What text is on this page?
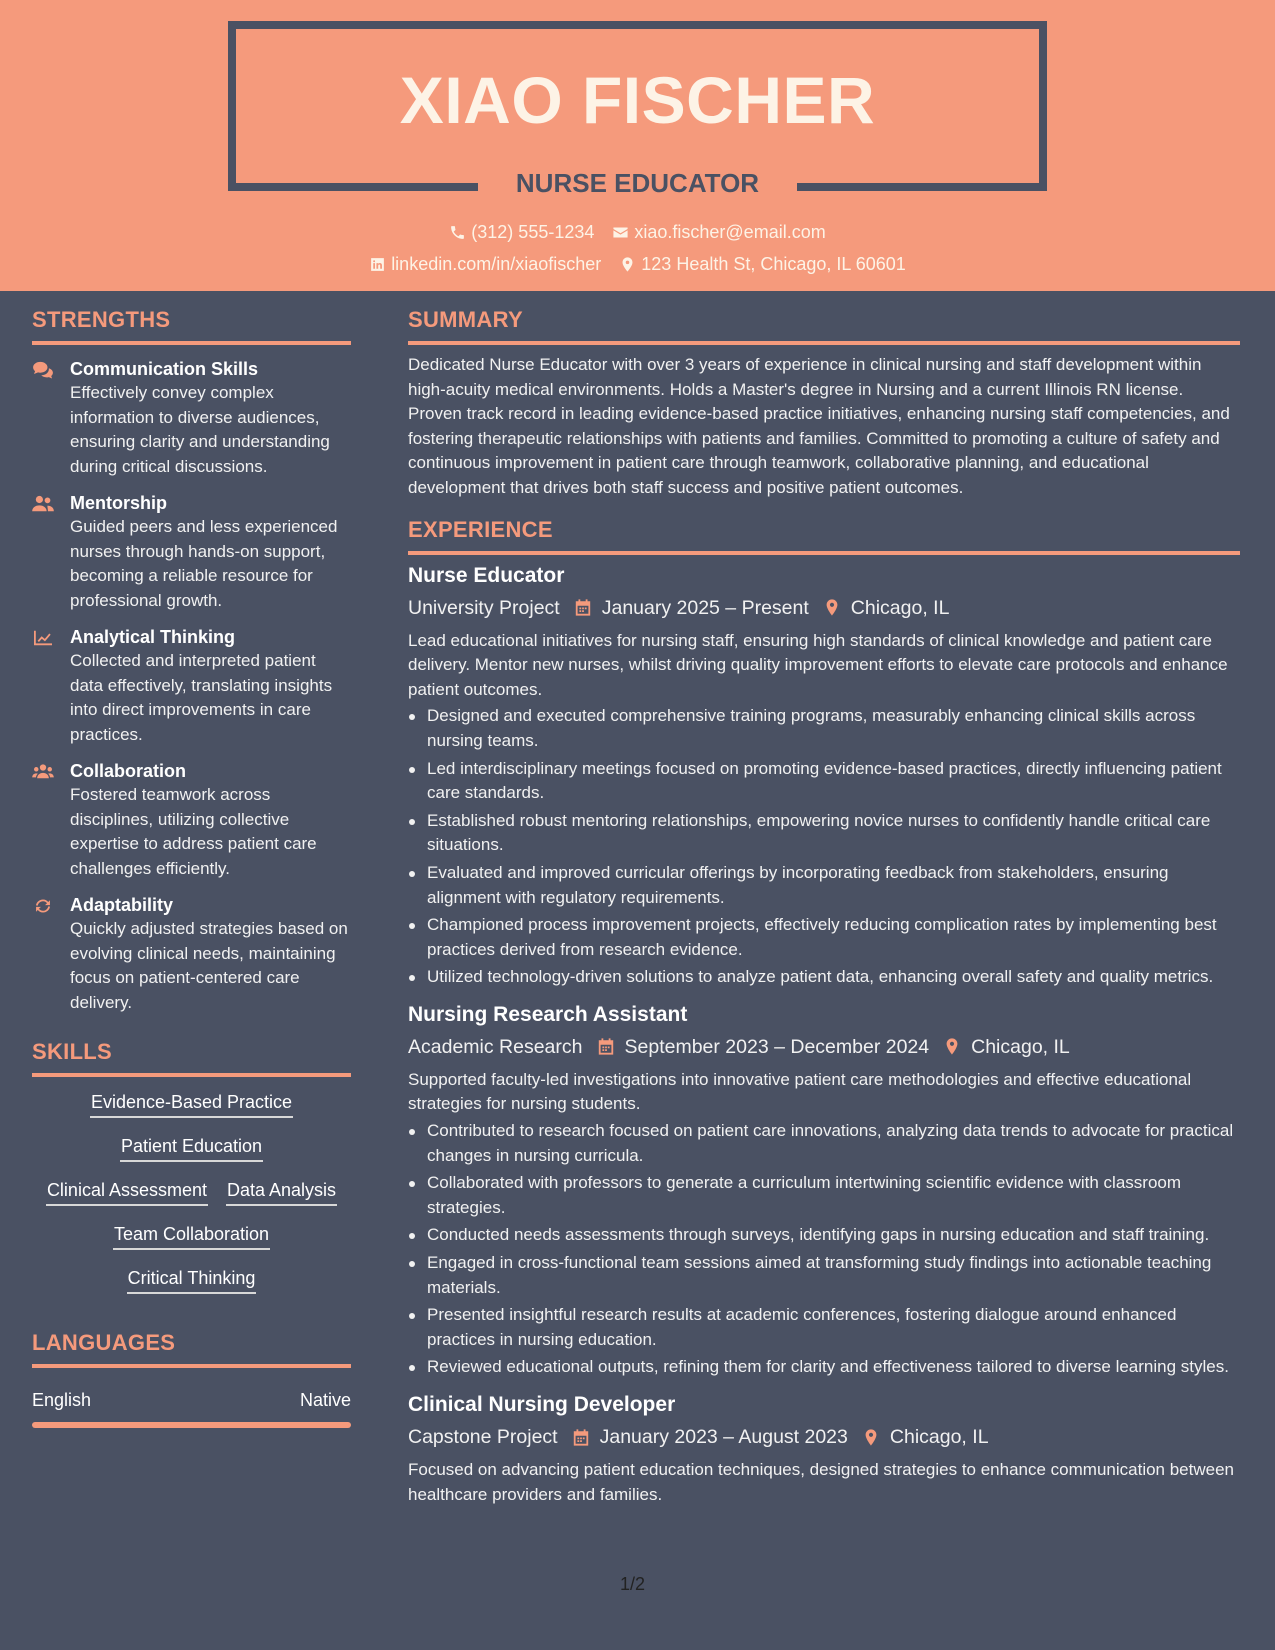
XIAO FISCHER
NURSE EDUCATOR
(312) 555-1234 xiao.fischer@email.com
linkedin.com/in/xiaofischer 123 Health St, Chicago, IL 60601
STRENGTHS
Communication Skills
Effectively convey complex information to diverse audiences, ensuring clarity and understanding during critical discussions.
Mentorship
Guided peers and less experienced nurses through hands-on support, becoming a reliable resource for professional growth.
Analytical Thinking
Collected and interpreted patient data effectively, translating insights into direct improvements in care practices.
Collaboration
Fostered teamwork across disciplines, utilizing collective expertise to address patient care challenges efficiently.
Adaptability
Quickly adjusted strategies based on evolving clinical needs, maintaining focus on patient-centered care delivery.
SKILLS
Evidence-Based Practice
Patient Education
Clinical Assessment Data Analysis
Team Collaboration
Critical Thinking
LANGUAGES
English	Native
SUMMARY
Dedicated Nurse Educator with over 3 years of experience in clinical nursing and staff development within high-acuity medical environments. Holds a Master's degree in Nursing and a current Illinois RN license. Proven track record in leading evidence-based practice initiatives, enhancing nursing staff competencies, and fostering therapeutic relationships with patients and families. Committed to promoting a culture of safety and continuous improvement in patient care through teamwork, collaborative planning, and educational development that drives both staff success and positive patient outcomes.
EXPERIENCE
Nurse Educator
University Project January 2025 – Present Chicago, IL
Lead educational initiatives for nursing staff, ensuring high standards of clinical knowledge and patient care delivery. Mentor new nurses, whilst driving quality improvement efforts to elevate care protocols and enhance patient outcomes.
Designed and executed comprehensive training programs, measurably enhancing clinical skills across nursing teams.
Led interdisciplinary meetings focused on promoting evidence-based practices, directly influencing patient care standards.
Established robust mentoring relationships, empowering novice nurses to confidently handle critical care situations.
Evaluated and improved curricular offerings by incorporating feedback from stakeholders, ensuring alignment with regulatory requirements.
Championed process improvement projects, effectively reducing complication rates by implementing best practices derived from research evidence.
Utilized technology-driven solutions to analyze patient data, enhancing overall safety and quality metrics.
Nursing Research Assistant
Academic Research September 2023 – December 2024 Chicago, IL
Supported faculty-led investigations into innovative patient care methodologies and effective educational strategies for nursing students.
Contributed to research focused on patient care innovations, analyzing data trends to advocate for practical changes in nursing curricula.
Collaborated with professors to generate a curriculum intertwining scientific evidence with classroom strategies.
Conducted needs assessments through surveys, identifying gaps in nursing education and staff training.
Engaged in cross-functional team sessions aimed at transforming study findings into actionable teaching materials.
Presented insightful research results at academic conferences, fostering dialogue around enhanced practices in nursing education.
Reviewed educational outputs, refining them for clarity and effectiveness tailored to diverse learning styles.
Clinical Nursing Developer
Capstone Project January 2023 – August 2023 Chicago, IL
Focused on advancing patient education techniques, designed strategies to enhance communication between healthcare providers and families.
1/2
